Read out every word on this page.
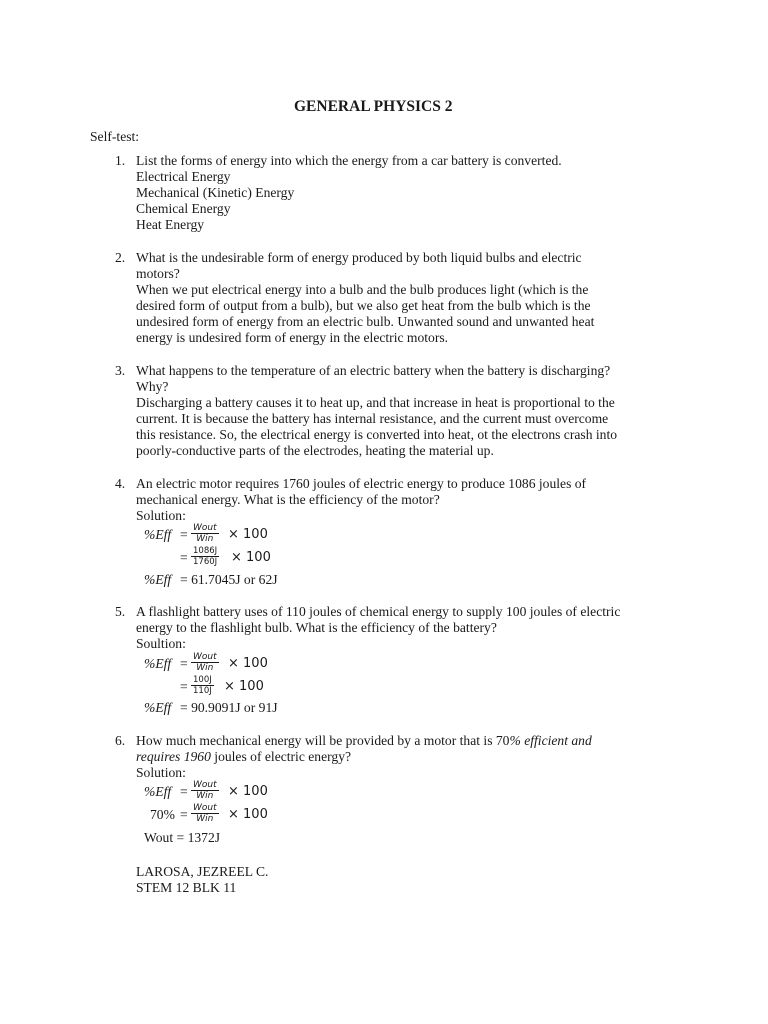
GENERAL PHYSICS 2
Self-test:
1. List the forms of energy into which the energy from a car battery is converted.
Electrical Energy
Mechanical (Kinetic) Energy
Chemical Energy
Heat Energy
2. What is the undesirable form of energy produced by both liquid bulbs and electric
motors?
When we put electrical energy into a bulb and the bulb produces light (which is the
desired form of output from a bulb), but we also get heat from the bulb which is the
undesired form of energy from an electric bulb. Unwanted sound and unwanted heat
energy is undesired form of energy in the electric motors.
3. What happens to the temperature of an electric battery when the battery is discharging?
Why?
Discharging a battery causes it to heat up, and that increase in heat is proportional to the
current. It is because the battery has internal resistance, and the current must overcome
this resistance. So, the electrical energy is converted into heat, ot the electrons crash into
poorly-conductive parts of the electrodes, heating the material up.
4. An electric motor requires 1760 joules of electric energy to produce 1086 joules of
mechanical energy. What is the efficiency of the motor?
Solution:
%Eff = Wout
Win	× 100
= $\frac{1086J}{1760J} \times 100$
%Eff = 61.7045J or 62J
5. A flashlight battery uses of 110 joules of chemical energy to supply 100 joules of electric
energy to the flashlight bulb. What is the efficiency of the battery?
Soultion:
%Eff = Wout
Win	× 100
= $\frac{100J}{110J} \times 100$
%Eff = 90.9091J or 91J
6. How much mechanical energy will be provided by a motor that is 70% efficient and
requires 1960 joules of electric energy?
Solution:
%Eff = Wout
Win	× 100
70% = Wout
Win	× 100
Wout = 1372J
LAROSA, JEZREEL C.
STEM 12 BLK 11
